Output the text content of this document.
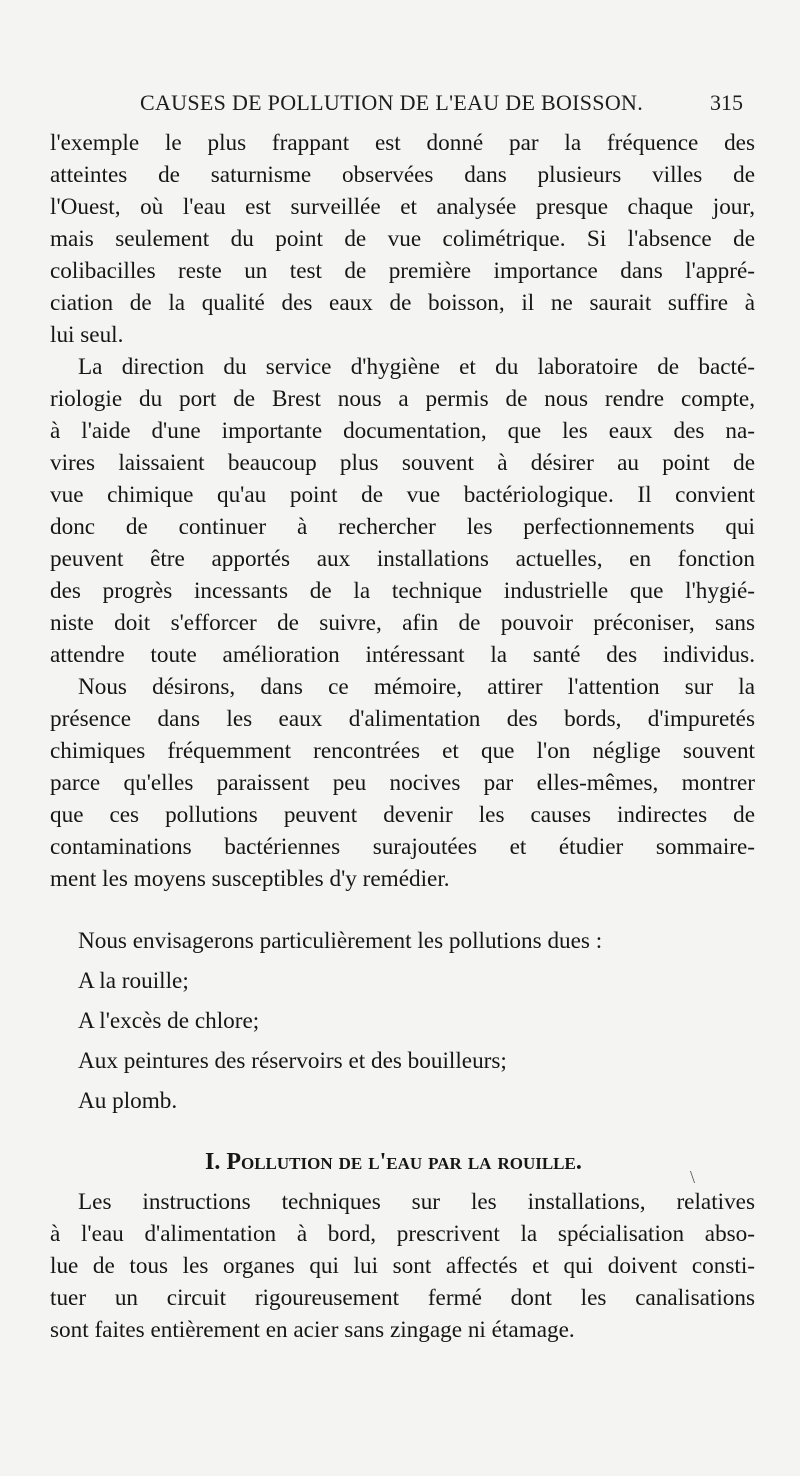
CAUSES DE POLLUTION DE L'EAU DE BOISSON.	315
l'exemple le plus frappant est donné par la fréquence des
atteintes de saturnisme observées dans plusieurs villes de
l'Ouest, où l'eau est surveillée et analysée presque chaque jour,
mais seulement du point de vue colimétrique. Si l'absence de
colibacilles reste un test de première importance dans l'appré-
ciation de la qualité des eaux de boisson, il ne saurait suffire à
lui seul.
La direction du service d'hygiène et du laboratoire de bacté-
riologie du port de Brest nous a permis de nous rendre compte,
à l'aide d'une importante documentation, que les eaux des na-
vires laissaient beaucoup plus souvent à désirer au point de
vue chimique qu'au point de vue bactériologique. Il convient
donc de continuer à rechercher les perfectionnements qui
peuvent être apportés aux installations actuelles, en fonction
des progrès incessants de la technique industrielle que l'hygié-
niste doit s'efforcer de suivre, afin de pouvoir préconiser, sans
attendre toute amélioration intéressant la santé des individus.
Nous désirons, dans ce mémoire, attirer l'attention sur la
présence dans les eaux d'alimentation des bords, d'impuretés
chimiques fréquemment rencontrées et que l'on néglige souvent
parce qu'elles paraissent peu nocives par elles-mêmes, montrer
que ces pollutions peuvent devenir les causes indirectes de
contaminations bactériennes surajoutées et étudier sommaire-
ment les moyens susceptibles d'y remédier.
Nous envisagerons particulièrement les pollutions dues :
A la rouille;
A l'excès de chlore;
Aux peintures des réservoirs et des bouilleurs;
Au plomb.
I. Pollution de l'eau par la rouille.
\
Les instructions techniques sur les installations, relatives
à l'eau d'alimentation à bord, prescrivent la spécialisation abso-
lue de tous les organes qui lui sont affectés et qui doivent consti-
tuer un circuit rigoureusement fermé dont les canalisations
sont faites entièrement en acier sans zingage ni étamage.
